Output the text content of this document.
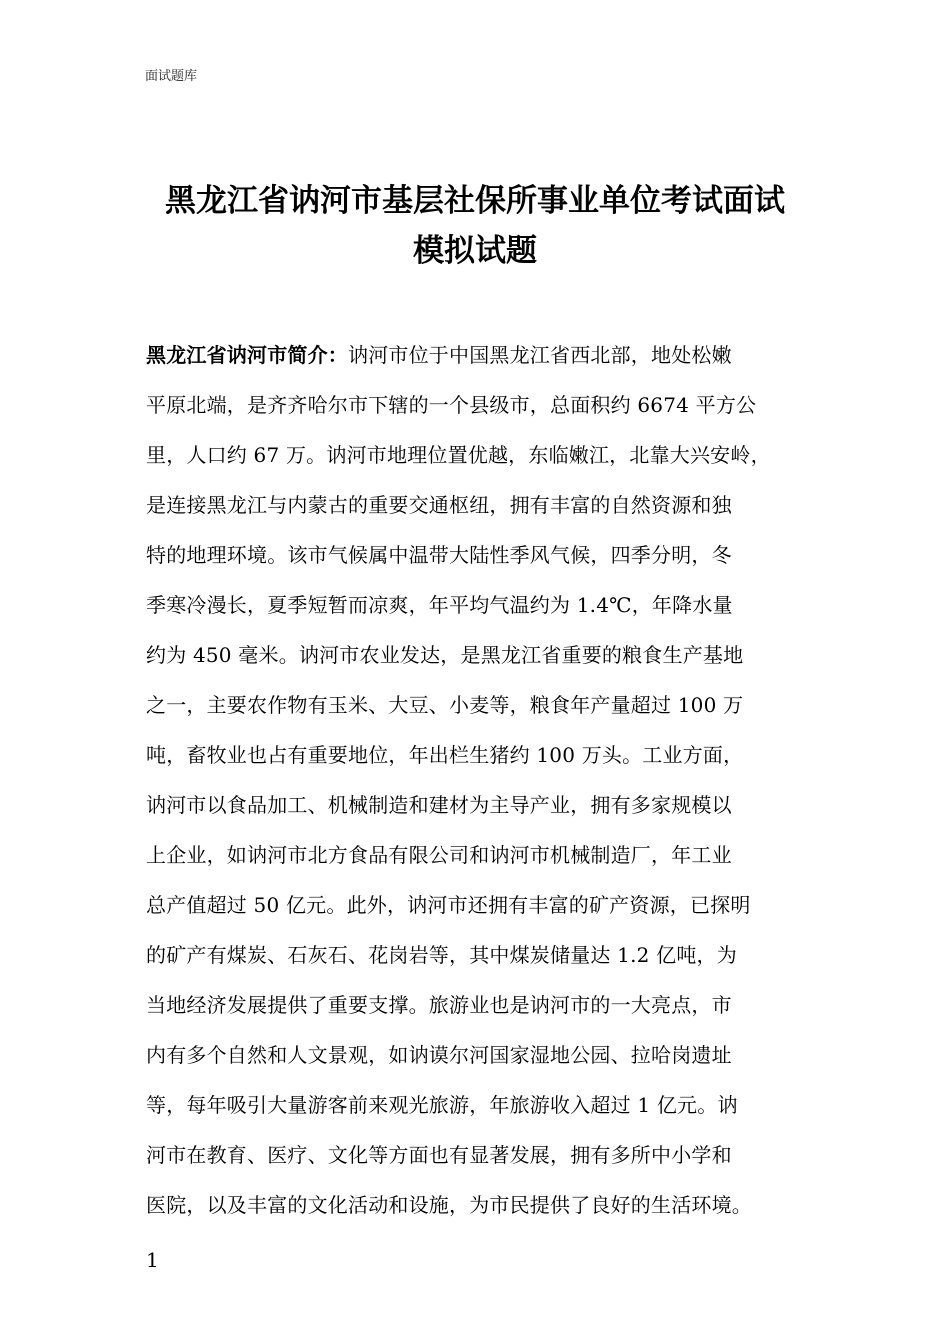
面试题库
黑龙江省讷河市基层社保所事业单位考试面试
模拟试题
黑龙江省讷河市简介：讷河市位于中国黑龙江省西北部，地处松嫩
平原北端，是齐齐哈尔市下辖的一个县级市，总面积约 6674 平方公
里，人口约 67 万。讷河市地理位置优越，东临嫩江，北靠大兴安岭，
是连接黑龙江与内蒙古的重要交通枢纽，拥有丰富的自然资源和独
特的地理环境。该市气候属中温带大陆性季风气候，四季分明，冬
季寒冷漫长，夏季短暂而凉爽，年平均气温约为 1.4℃，年降水量
约为 450 毫米。讷河市农业发达，是黑龙江省重要的粮食生产基地
之一，主要农作物有玉米、大豆、小麦等，粮食年产量超过 100 万
吨，畜牧业也占有重要地位，年出栏生猪约 100 万头。工业方面，
讷河市以食品加工、机械制造和建材为主导产业，拥有多家规模以
上企业，如讷河市北方食品有限公司和讷河市机械制造厂，年工业
总产值超过 50 亿元。此外，讷河市还拥有丰富的矿产资源，已探明
的矿产有煤炭、石灰石、花岗岩等，其中煤炭储量达 1.2 亿吨，为
当地经济发展提供了重要支撑。旅游业也是讷河市的一大亮点，市
内有多个自然和人文景观，如讷谟尔河国家湿地公园、拉哈岗遗址
等，每年吸引大量游客前来观光旅游，年旅游收入超过 1 亿元。讷
河市在教育、医疗、文化等方面也有显著发展，拥有多所中小学和
医院，以及丰富的文化活动和设施，为市民提供了良好的生活环境。
1
